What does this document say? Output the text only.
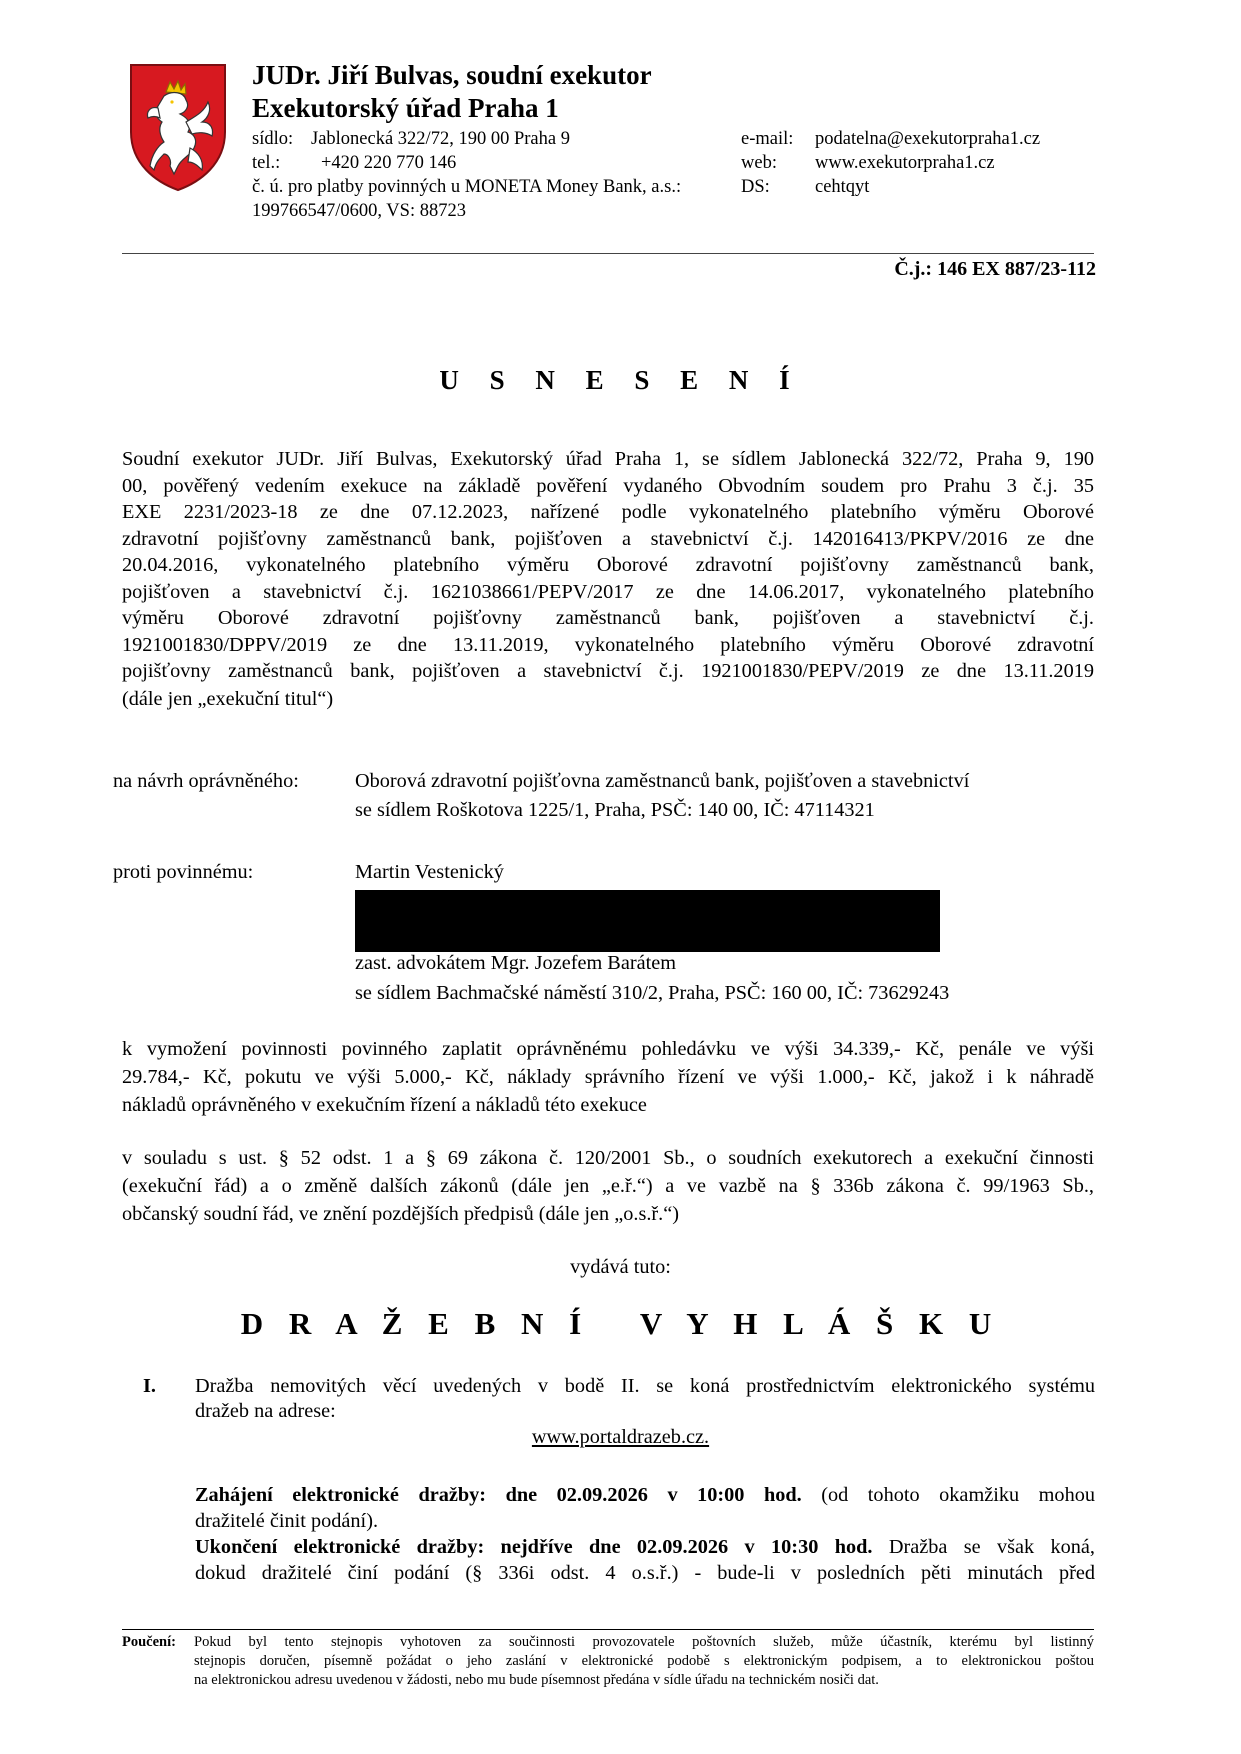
JUDr. Jiří Bulvas, soudní exekutor
Exekutorský úřad Praha 1
sídlo: Jablonecká 322/72, 190 00 Praha 9
tel.: +420 220 770 146
č. ú. pro platby povinných u MONETA Money Bank, a.s.:
199766547/0600, VS: 88723
e-mail: podatelna@exekutorpraha1.cz
web: www.exekutorpraha1.cz
DS: cehtqyt
Č.j.: 146 EX 887/23-112
U S N E S E N Í
Soudní exekutor JUDr. Jiří Bulvas, Exekutorský úřad Praha 1, se sídlem Jablonecká 322/72, Praha 9, 190
00, pověřený vedením exekuce na základě pověření vydaného Obvodním soudem pro Prahu 3 č.j. 35
EXE 2231/2023-18 ze dne 07.12.2023, nařízené podle vykonatelného platebního výměru Oborové
zdravotní pojišťovny zaměstnanců bank, pojišťoven a stavebnictví č.j. 142016413/PKPV/2016 ze dne
20.04.2016, vykonatelného platebního výměru Oborové zdravotní pojišťovny zaměstnanců bank,
pojišťoven a stavebnictví č.j. 1621038661/PEPV/2017 ze dne 14.06.2017, vykonatelného platebního
výměru Oborové zdravotní pojišťovny zaměstnanců bank, pojišťoven a stavebnictví č.j.
1921001830/DPPV/2019 ze dne 13.11.2019, vykonatelného platebního výměru Oborové zdravotní
pojišťovny zaměstnanců bank, pojišťoven a stavebnictví č.j. 1921001830/PEPV/2019 ze dne 13.11.2019
(dále jen „exekuční titul“)
na návrh oprávněného:	Oborová zdravotní pojišťovna zaměstnanců bank, pojišťoven a stavebnictví
se sídlem Roškotova 1225/1, Praha, PSČ: 140 00, IČ: 47114321
proti povinnému:	Martin Vestenický
zast. advokátem Mgr. Jozefem Barátem
se sídlem Bachmačské náměstí 310/2, Praha, PSČ: 160 00, IČ: 73629243
k vymožení povinnosti povinného zaplatit oprávněnému pohledávku ve výši 34.339,- Kč, penále ve výši
29.784,- Kč, pokutu ve výši 5.000,- Kč, náklady správního řízení ve výši 1.000,- Kč, jakož i k náhradě
nákladů oprávněného v exekučním řízení a nákladů této exekuce
v souladu s ust. § 52 odst. 1 a § 69 zákona č. 120/2001 Sb., o soudních exekutorech a exekuční činnosti
(exekuční řád) a o změně dalších zákonů (dále jen „e.ř.“) a ve vazbě na § 336b zákona č. 99/1963 Sb.,
občanský soudní řád, ve znění pozdějších předpisů (dále jen „o.s.ř.“)
vydává tuto:
D R A Ž E B N Í   V Y H L Á Š K U
I. Dražba nemovitých věcí uvedených v bodě II. se koná prostřednictvím elektronického systému
dražeb na adrese:
www.portaldrazeb.cz.
Zahájení elektronické dražby: dne 02.09.2026 v 10:00 hod. (od tohoto okamžiku mohou
dražitelé činit podání).
Ukončení elektronické dražby: nejdříve dne 02.09.2026 v 10:30 hod. Dražba se však koná,
dokud dražitelé činí podání (§ 336i odst. 4 o.s.ř.) - bude-li v posledních pěti minutách před
Poučení: Pokud byl tento stejnopis vyhotoven za součinnosti provozovatele poštovních služeb, může účastník, kterému byl listinný
stejnopis doručen, písemně požádat o jeho zaslání v elektronické podobě s elektronickým podpisem, a to elektronickou poštou
na elektronickou adresu uvedenou v žádosti, nebo mu bude písemnost předána v sídle úřadu na technickém nosiči dat.
